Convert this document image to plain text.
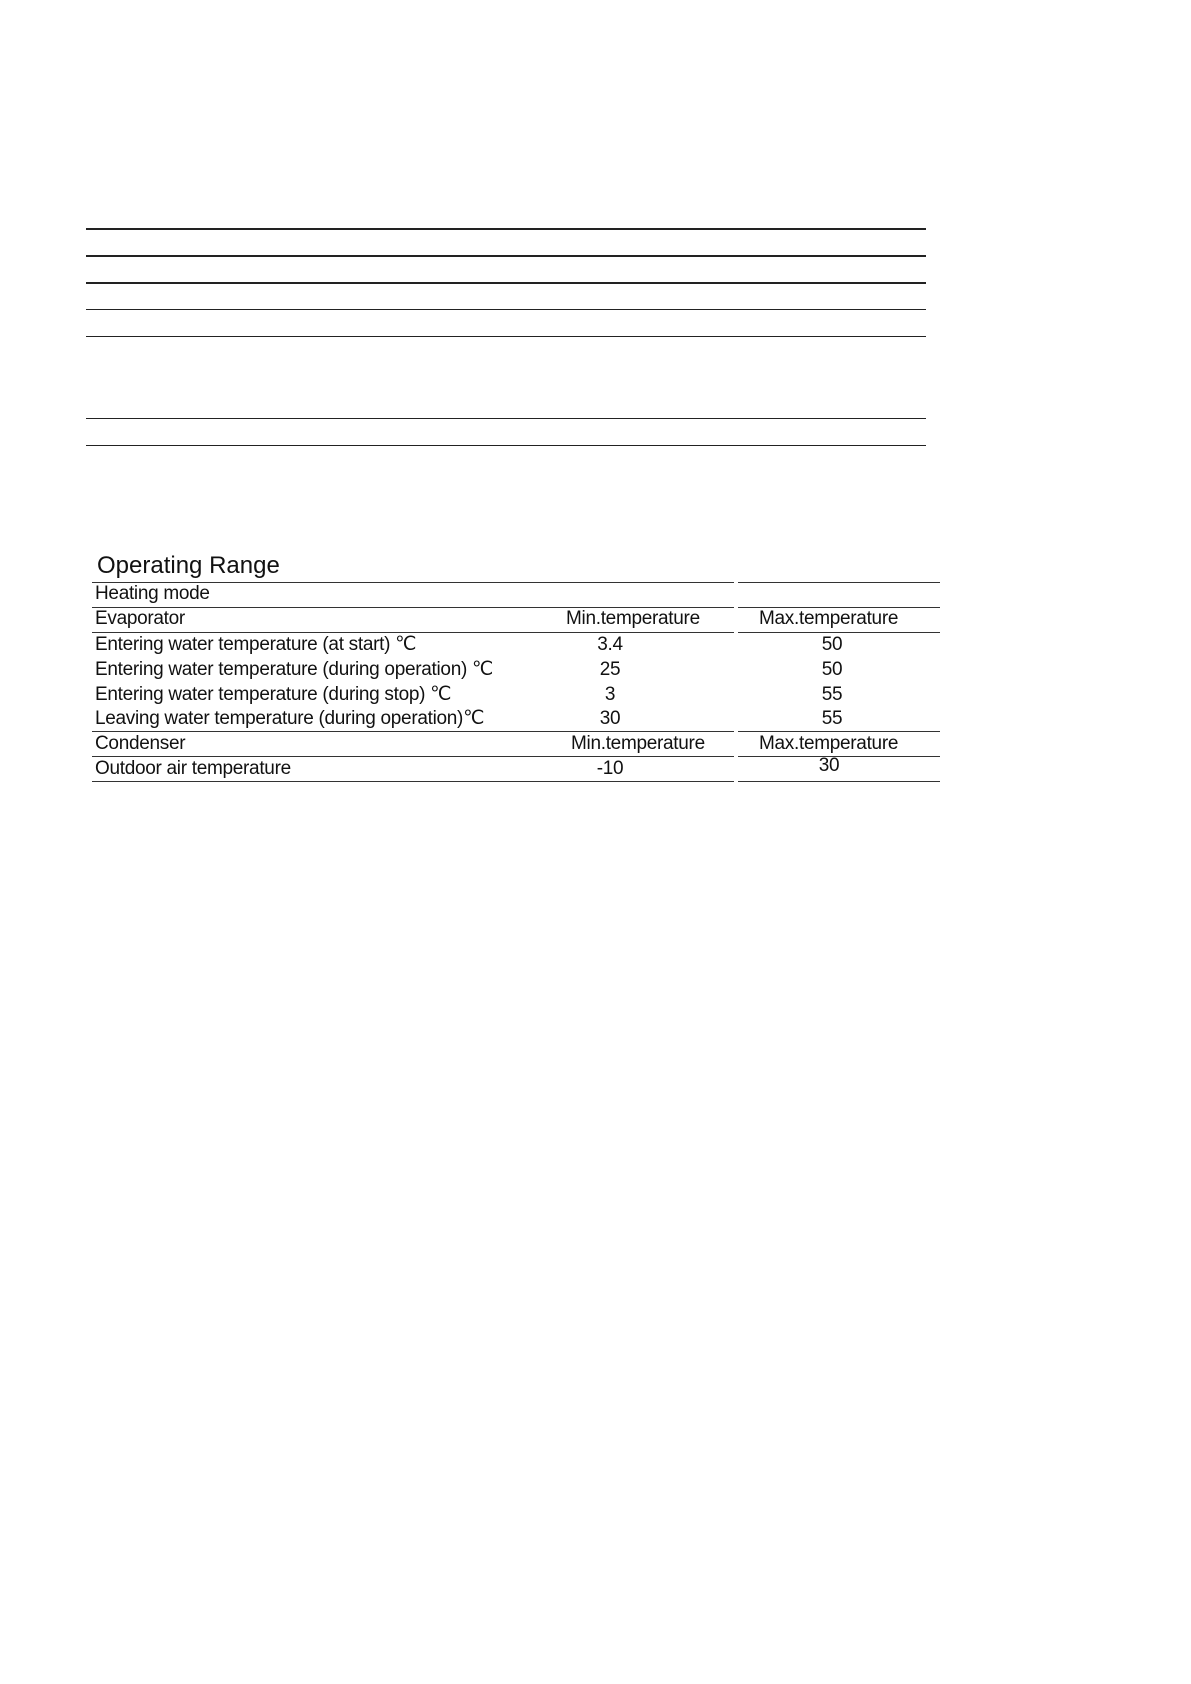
Operating Range
Heating mode
Evaporator	Min.temperature	Max.temperature
Entering water temperature (at start) ℃	3.4	50
Entering water temperature (during operation) ℃	25	50
Entering water temperature (during stop) ℃	3	55
Leaving water temperature (during operation)℃	30	55
Condenser	Min.temperature	Max.temperature
Outdoor air temperature	-10	30
